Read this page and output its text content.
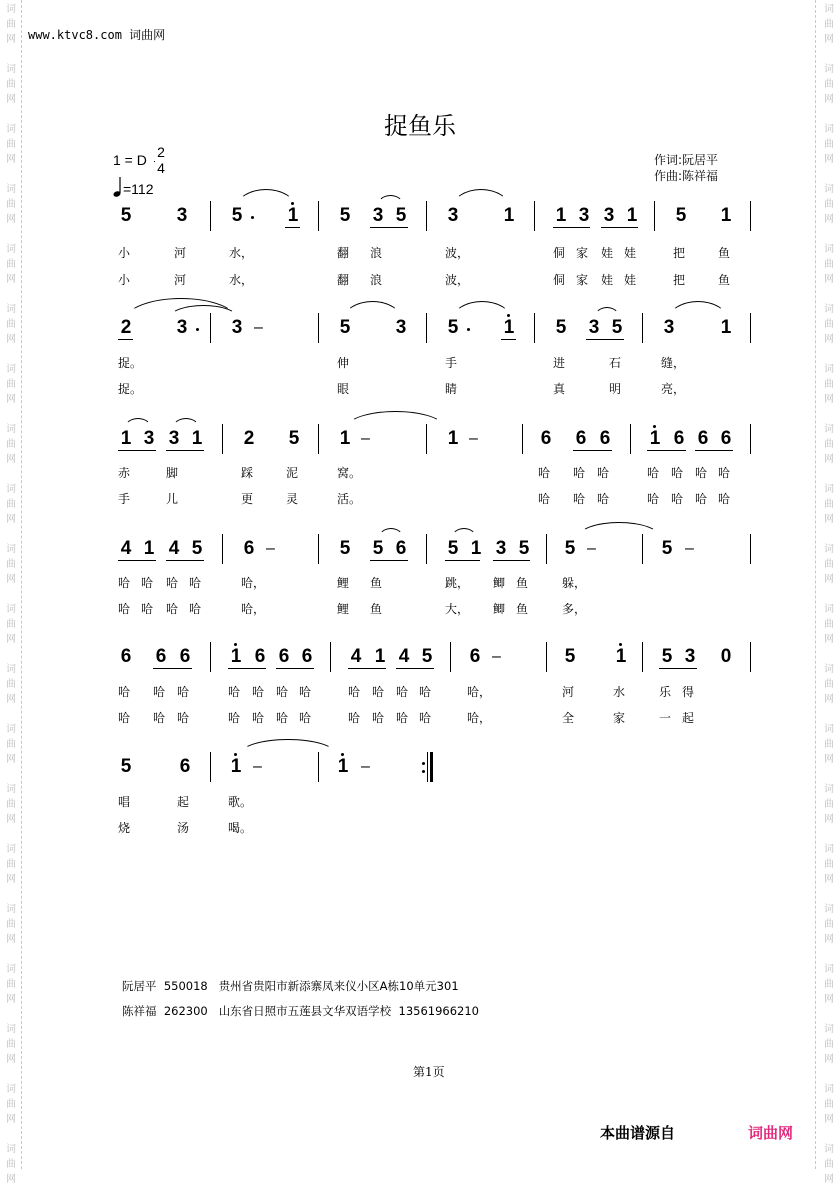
词
曲
网
词
曲
网
词
曲
网
词
曲
网
词
曲
网
词
曲
网
词
曲
网
词
曲
网
词
曲
网
词
曲
网
词
曲
网
词
曲
网
词
曲
网
词
曲
网
词
曲
网
词
曲
网
词
曲
网
词
曲
网
词
曲
网
词
曲
网
词
曲
网
词
曲
网
词
曲
网
词
曲
网
词
曲
网
词
曲
网
词
曲
网
词
曲
网
词
曲
网
词
曲
网
词
曲
网
词
曲
网
词
曲
网
词
曲
网
词
曲
网
词
曲
网
词
曲
网
词
曲
网
词
曲
网
词
曲
网
www.ktvc8.com 词曲网
捉鱼乐
1 = D 2
4
=112
作词:阮居平
作曲:陈祥福
5 3 5 1 5 3 5 3 1 1 3 3 1 5 1
小	河	水，	翻	浪	波，	侗 家	娃 娃	把	鱼
小	河	水，	翻	浪	波，	侗 家	娃 娃	把	鱼
2 3 3 –	5 3 5 1 5 3 5 3 1
捉。	伸	手	进	石	缝，
捉。	眼	睛	真	明	亮，
1 3 3 1 2 5 1 –	1 –	6 6 6 1 6 6 6
赤	脚	踩	泥	窝。	哈	哈 哈	哈 哈 哈 哈
手	儿	更	灵	活。	哈	哈 哈	哈 哈 哈 哈
4 1 4 5 6 –	5 5 6 5 1 3 5 5 –	5 –
哈 哈	哈 哈	哈，	鲤	鱼	跳，	鲫 鱼	躲，
哈 哈	哈 哈	哈，	鲤	鱼	大，	鲫 鱼	多，
6 6 6 1 6 6 6 4 1 4 5 6 –	5 1 5 3 0
哈	哈 哈	哈 哈 哈 哈	哈 哈 哈 哈	哈，	河	水	乐 得
哈	哈 哈	哈 哈 哈 哈	哈 哈 哈 哈	哈，	全	家	一 起
5	6 1 –	1 –
唱	起	歌。
烧	汤	喝。
阮居平 550018 贵州省贵阳市新添寨凤来仪小区A栋10单元301
陈祥福 262300 山东省日照市五莲县文华双语学校 13561966210
第1页
本曲谱源自	词曲网
